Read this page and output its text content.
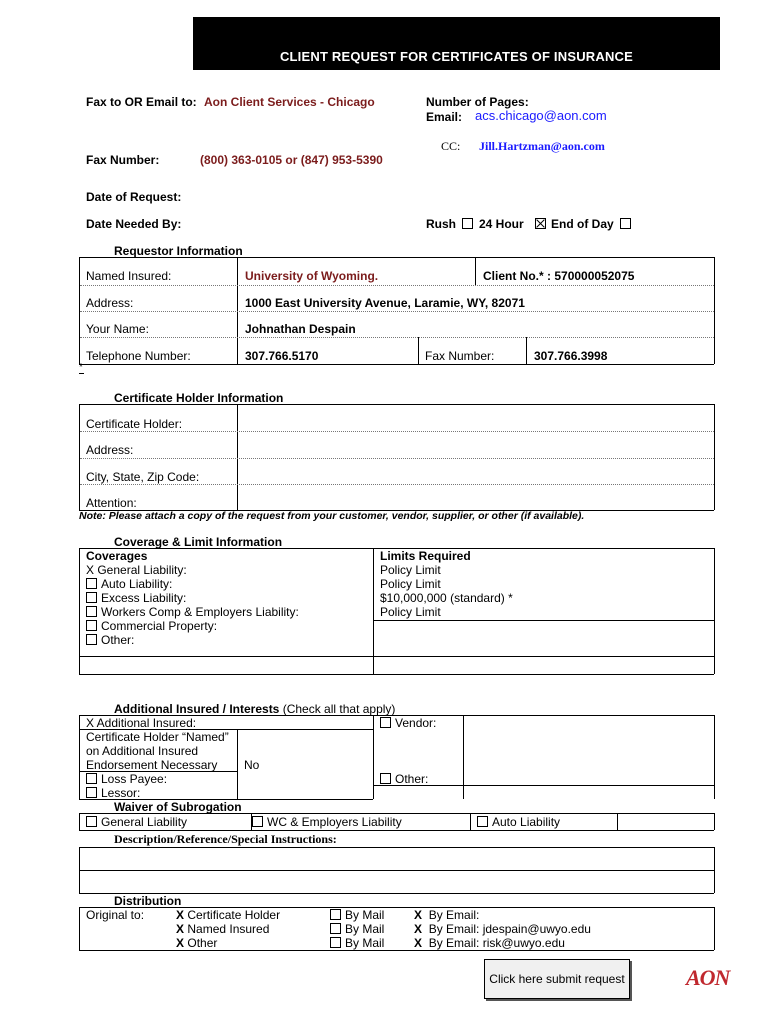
CLIENT REQUEST FOR CERTIFICATES OF INSURANCE
Fax to OR Email to: Aon Client Services - Chicago	Number of Pages:
Email: acs.chicago@aon.com
CC: Jill.Hartzman@aon.com
Fax Number:	(800) 363-0105 or (847) 953-5390
Date of Request:
Date Needed By:	Rush	24 Hour	End of Day
Requestor Information
Named Insured:	University of Wyoming.	Client No.* : 570000052075
Address:	1000 East University Avenue, Laramie, WY, 82071
Your Name:	Johnathan Despain
Telephone Number:	307.766.5170	Fax Number:	307.766.3998
*
Certificate Holder Information
Certificate Holder:
Address:
City, State, Zip Code:
Attention:
Note: Please attach a copy of the request from your customer, vendor, supplier, or other (if available).
Coverage & Limit Information
Coverages	Limits Required
X General Liability:	Policy Limit
Auto Liability:	Policy Limit
Excess Liability:	$10,000,000 (standard) *
Workers Comp & Employers Liability:	Policy Limit
Commercial Property:
Other:
Additional Insured / Interests (Check all that apply)
X Additional Insured:	Vendor:
Certificate Holder “Named”
on Additional Insured
Endorsement Necessary No
Loss Payee:	Other:
Lessor:
Waiver of Subrogation
General Liability	WC & Employers Liability	Auto Liability
Description/Reference/Special Instructions:
Distribution
Original to:	X Certificate Holder	By Mail X By Email:
X Named Insured	By Mail X By Email: jdespain@uwyo.edu
X Other	By Mail X By Email: risk@uwyo.edu
Click here submit request	AON
